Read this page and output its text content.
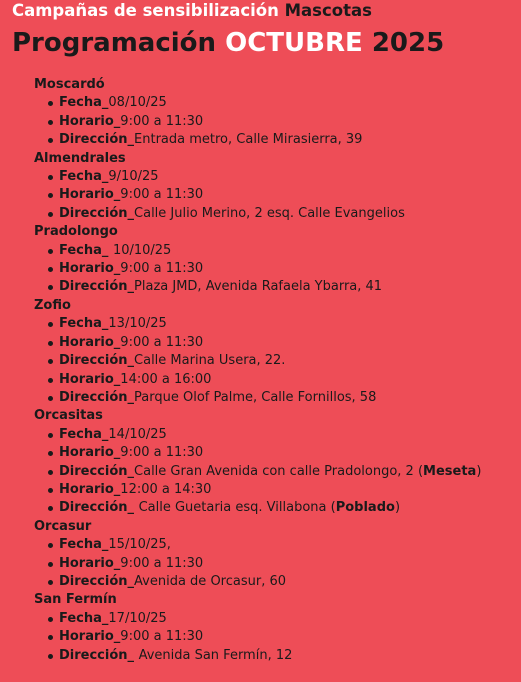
Campañas de sensibilización Mascotas
Programación OCTUBRE 2025
Moscardó
Fecha_08/10/25
Horario_9:00 a 11:30
Dirección_Entrada metro, Calle Mirasierra, 39
Almendrales
Fecha_9/10/25
Horario_9:00 a 11:30
Dirección_Calle Julio Merino, 2 esq. Calle Evangelios
Pradolongo
Fecha_ 10/10/25
Horario_9:00 a 11:30
Dirección_Plaza JMD, Avenida Rafaela Ybarra, 41
Zofio
Fecha_13/10/25
Horario_9:00 a 11:30
Dirección_Calle Marina Usera, 22.
Horario_14:00 a 16:00
Dirección_Parque Olof Palme, Calle Fornillos, 58
Orcasitas
Fecha_14/10/25
Horario_9:00 a 11:30
Dirección_Calle Gran Avenida con calle Pradolongo, 2 (Meseta)
Horario_12:00 a 14:30
Dirección_ Calle Guetaria esq. Villabona (Poblado)
Orcasur
Fecha_15/10/25,
Horario_9:00 a 11:30
Dirección_Avenida de Orcasur, 60
San Fermín
Fecha_17/10/25
Horario_9:00 a 11:30
Dirección_ Avenida San Fermín, 12
